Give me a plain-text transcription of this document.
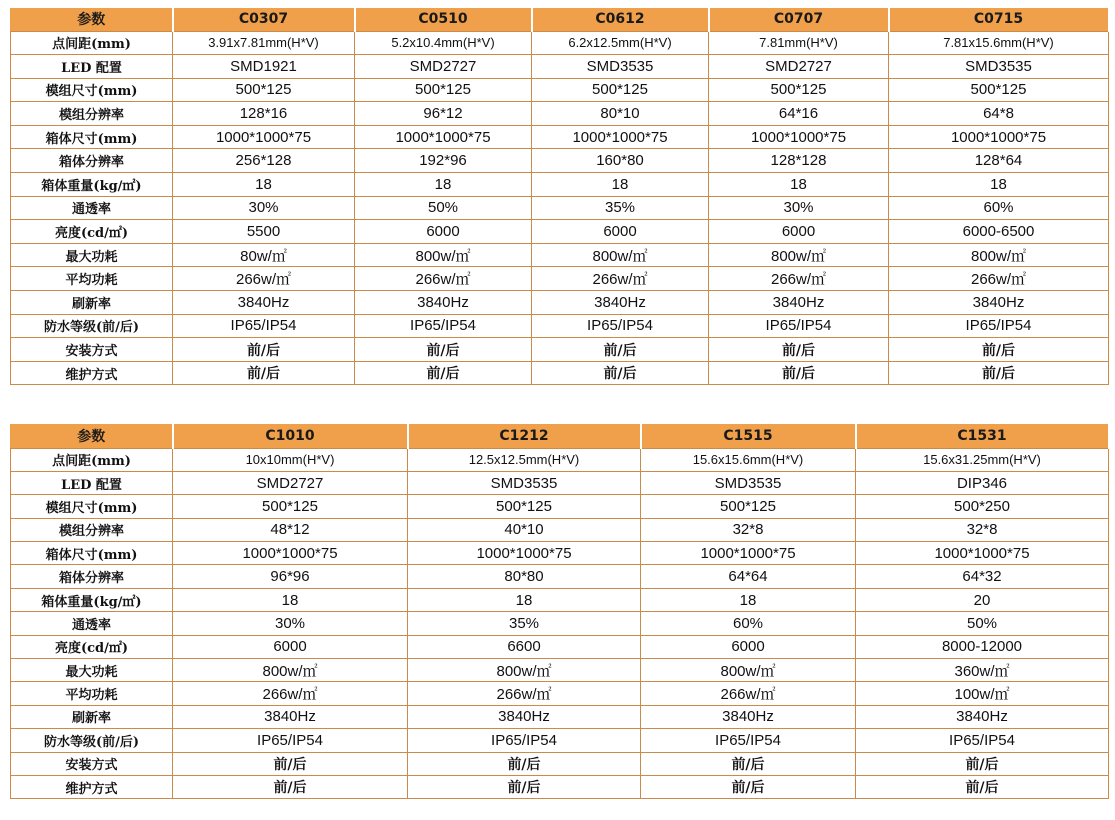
参数	C0307	C0510	C0612	C0707	C0715
点间距(mm)	3.91x7.81mm(H*V)	5.2x10.4mm(H*V)	6.2x12.5mm(H*V)	7.81mm(H*V)	7.81x15.6mm(H*V)
LED 配置	SMD1921	SMD2727	SMD3535	SMD2727	SMD3535
模组尺寸(mm)	500*125	500*125	500*125	500*125	500*125
模组分辨率	128*16	96*12	80*10	64*16	64*8
箱体尺寸(mm)	1000*1000*75	1000*1000*75	1000*1000*75	1000*1000*75	1000*1000*75
箱体分辨率	256*128	192*96	160*80	128*128	128*64
箱体重量(kg/㎡)	18	18	18	18	18
通透率	30%	50%	35%	30%	60%
亮度(cd/㎡)	5500	6000	6000	6000	6000-6500
最大功耗	80w/㎡	800w/㎡	800w/㎡	800w/㎡	800w/㎡
平均功耗	266w/㎡	266w/㎡	266w/㎡	266w/㎡	266w/㎡
刷新率	3840Hz	3840Hz	3840Hz	3840Hz	3840Hz
防水等级(前/后)	IP65/IP54	IP65/IP54	IP65/IP54	IP65/IP54	IP65/IP54
安装方式	前/后	前/后	前/后	前/后	前/后
维护方式	前/后	前/后	前/后	前/后	前/后
参数	C1010	C1212	C1515	C1531
点间距(mm)	10x10mm(H*V)	12.5x12.5mm(H*V)	15.6x15.6mm(H*V)	15.6x31.25mm(H*V)
LED 配置	SMD2727	SMD3535	SMD3535	DIP346
模组尺寸(mm)	500*125	500*125	500*125	500*250
模组分辨率	48*12	40*10	32*8	32*8
箱体尺寸(mm)	1000*1000*75	1000*1000*75	1000*1000*75	1000*1000*75
箱体分辨率	96*96	80*80	64*64	64*32
箱体重量(kg/㎡)	18	18	18	20
通透率	30%	35%	60%	50%
亮度(cd/㎡)	6000	6600	6000	8000-12000
最大功耗	800w/㎡	800w/㎡	800w/㎡	360w/㎡
平均功耗	266w/㎡	266w/㎡	266w/㎡	100w/㎡
刷新率	3840Hz	3840Hz	3840Hz	3840Hz
防水等级(前/后)	IP65/IP54	IP65/IP54	IP65/IP54	IP65/IP54
安装方式	前/后	前/后	前/后	前/后
维护方式	前/后	前/后	前/后	前/后
